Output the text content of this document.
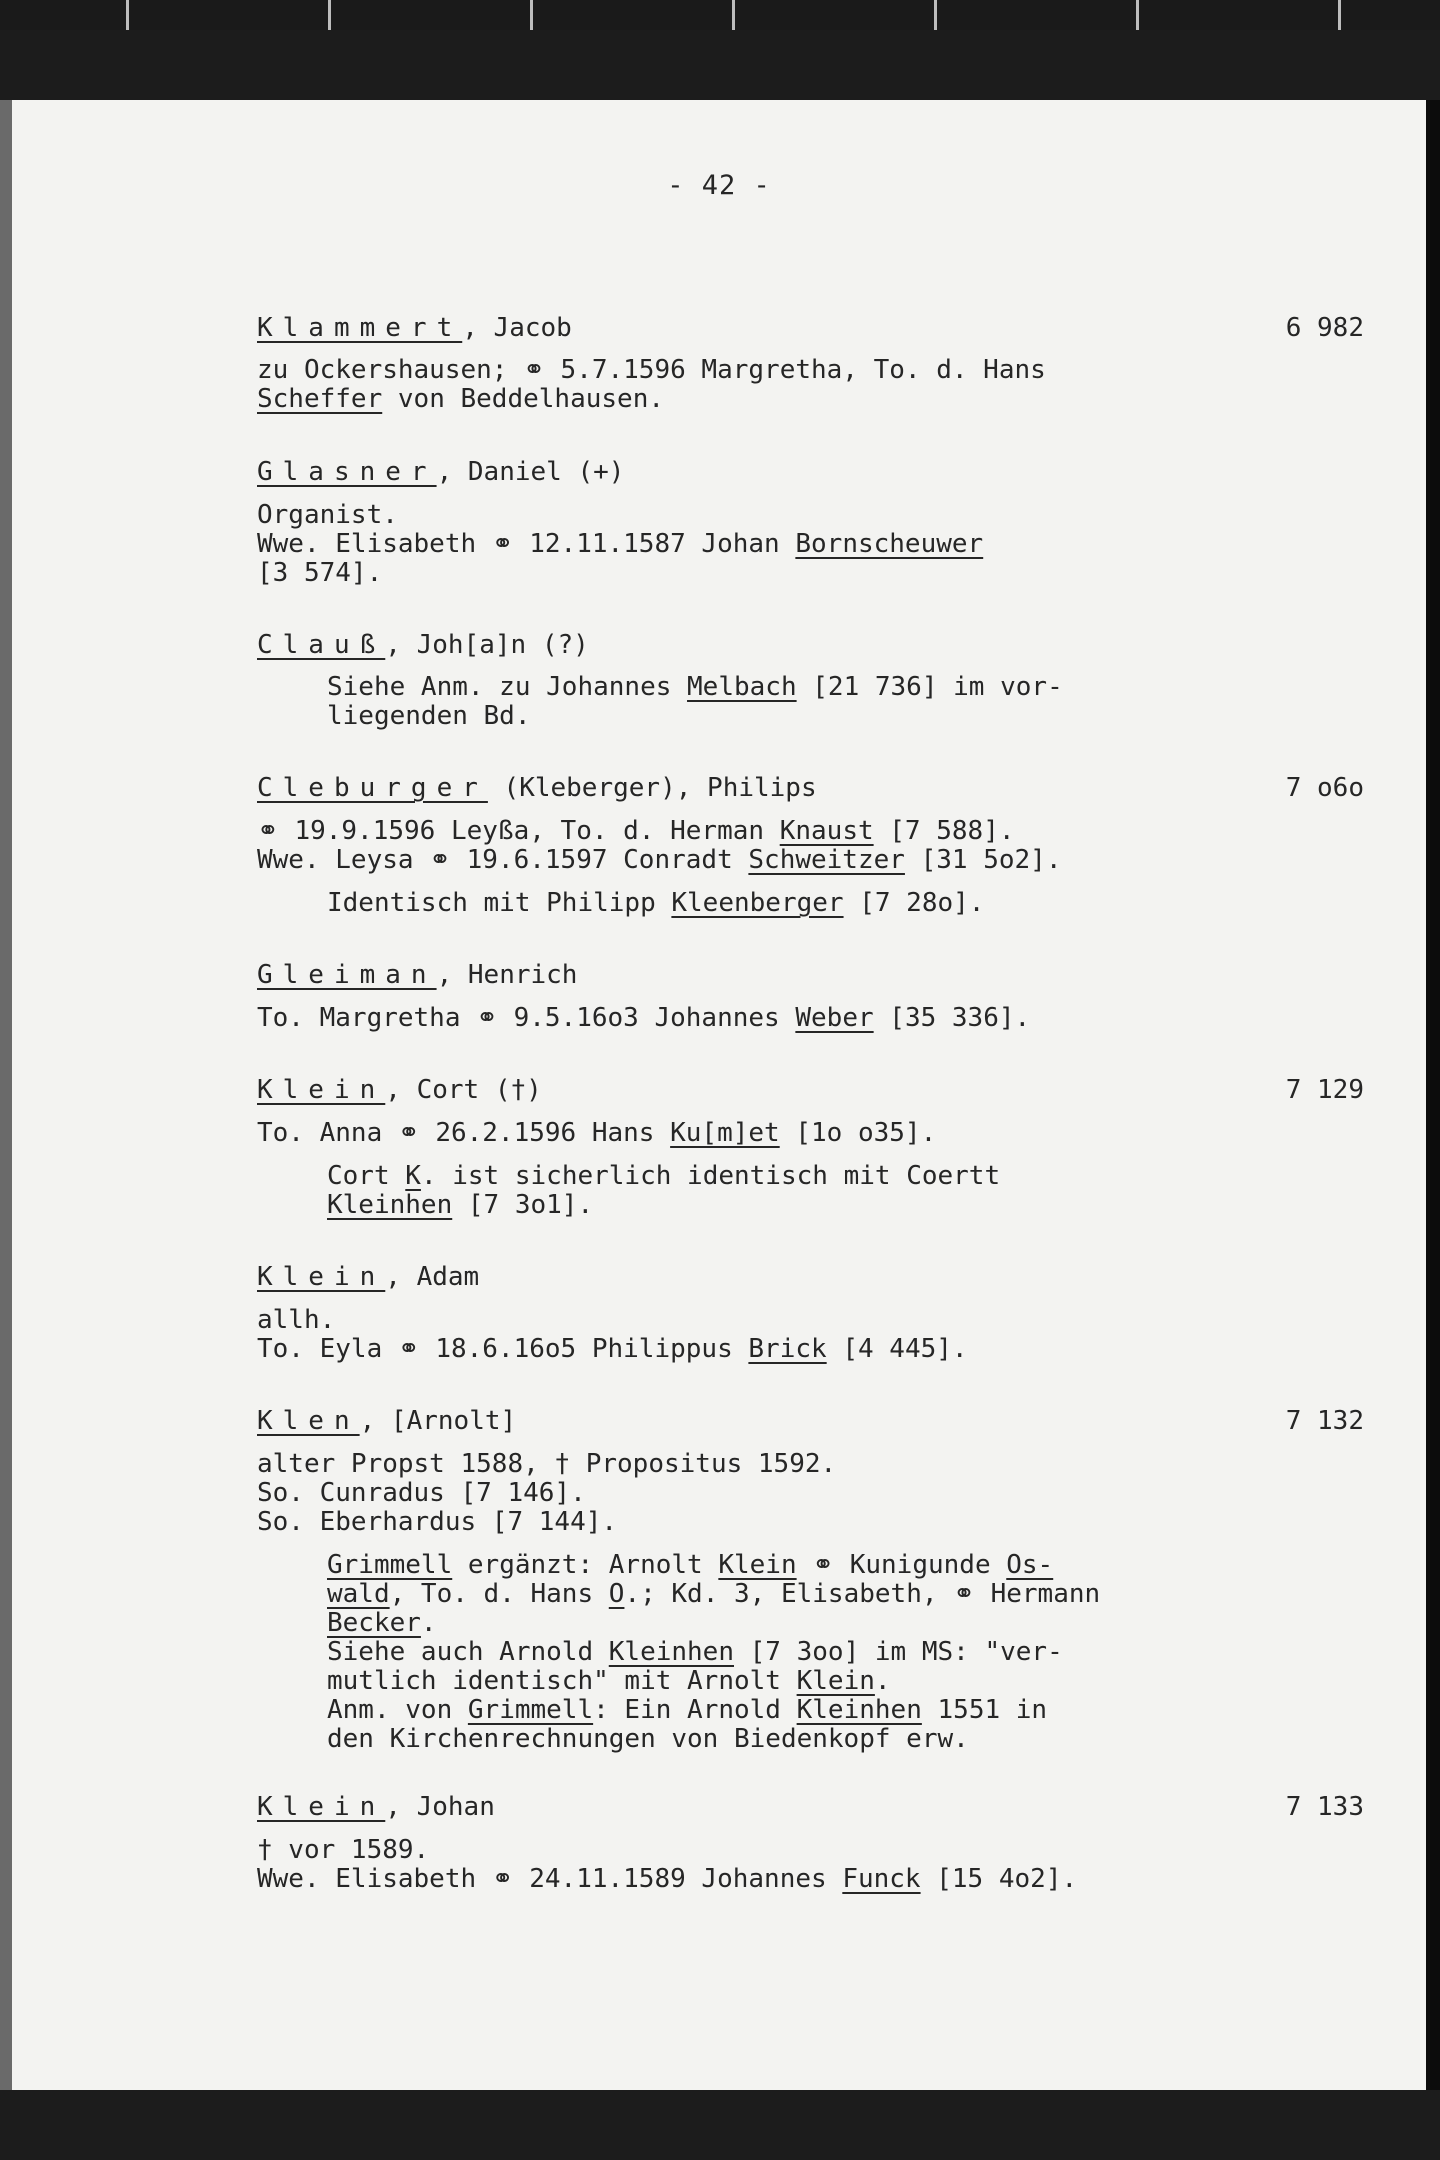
- 42 -
Klammert, Jacob	6 982
zu Ockershausen; ⚭ 5.7.1596 Margretha, To. d. Hans
Scheffer von Beddelhausen.
Glasner, Daniel (+)
Organist.
Wwe. Elisabeth ⚭ 12.11.1587 Johan Bornscheuwer
[3 574].
Clauß, Joh[a]n (?)
Siehe Anm. zu Johannes Melbach [21 736] im vor-
liegenden Bd.
Cleburger (Kleberger), Philips	7 o6o
⚭ 19.9.1596 Leyßa, To. d. Herman Knaust [7 588].
Wwe. Leysa ⚭ 19.6.1597 Conradt Schweitzer [31 5o2].
Identisch mit Philipp Kleenberger [7 28o].
Gleiman, Henrich
To. Margretha ⚭ 9.5.16o3 Johannes Weber [35 336].
Klein, Cort (†)	7 129
To. Anna ⚭ 26.2.1596 Hans Ku[m]et [1o o35].
Cort K. ist sicherlich identisch mit Coertt
Kleinhen [7 3o1].
Klein, Adam
allh.
To. Eyla ⚭ 18.6.16o5 Philippus Brick [4 445].
Klen, [Arnolt]	7 132
alter Propst 1588, † Propositus 1592.
So. Cunradus [7 146].
So. Eberhardus [7 144].
Grimmell ergänzt: Arnolt Klein ⚭ Kunigunde Os-
wald, To. d. Hans O.; Kd. 3, Elisabeth, ⚭ Hermann
Becker.
Siehe auch Arnold Kleinhen [7 3oo] im MS: "ver-
mutlich identisch" mit Arnolt Klein.
Anm. von Grimmell: Ein Arnold Kleinhen 1551 in
den Kirchenrechnungen von Biedenkopf erw.
Klein, Johan	7 133
† vor 1589.
Wwe. Elisabeth ⚭ 24.11.1589 Johannes Funck [15 4o2].
